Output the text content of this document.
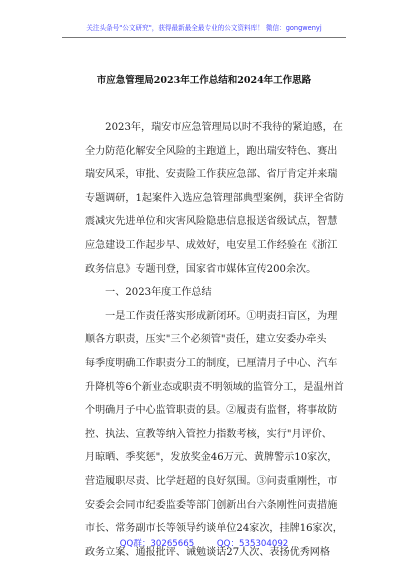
关注头条号"公文研究"，获得最新最全最专业的公文资料库！ 微信：gongwenyj
市应急管理局2023年工作总结和2024年工作思路
　　2023年，瑞安市应急管理局以时不我待的紧迫感，在
全力防范化解安全风险的主跑道上，跑出瑞安特色、赛出
瑞安风采，审批、安责险工作获应急部、省厅肯定并来瑞
专题调研，1起案件入选应急管理部典型案例，获评全省防
震减灾先进单位和灾害风险隐患信息报送省级试点，智慧
应急建设工作起步早、成效好，电安星工作经验在《浙江
政务信息》专题刊登，国家省市媒体宣传200余次。
　　一、2023年度工作总结
　　一是工作责任落实形成新闭环。①明责扫盲区，为理
顺各方职责，压实"三个必须管"责任，建立安委办牵头
每季度明确工作职责分工的制度，已厘清月子中心、汽车
升降机等6个新业态或职责不明领域的监管分工，是温州首
个明确月子中心监管职责的县。②履责有监督，将事故防
控、执法、宣教等纳入管控力指数考核，实行"月评价、
月晾晒、季奖惩"，发放奖金46万元、黄牌警示10家次，
营造履职尽责、比学赶超的良好氛围。③问责重刚性，市
安委会会同市纪委监委等部门创新出台六条刚性问责措施
市长、常务副市长等领导约谈单位24家次，挂牌16家次，
政务立案、通报批评、诫勉谈话27人次、表扬优秀网格
QQ群：30265665	QQ：535304092
